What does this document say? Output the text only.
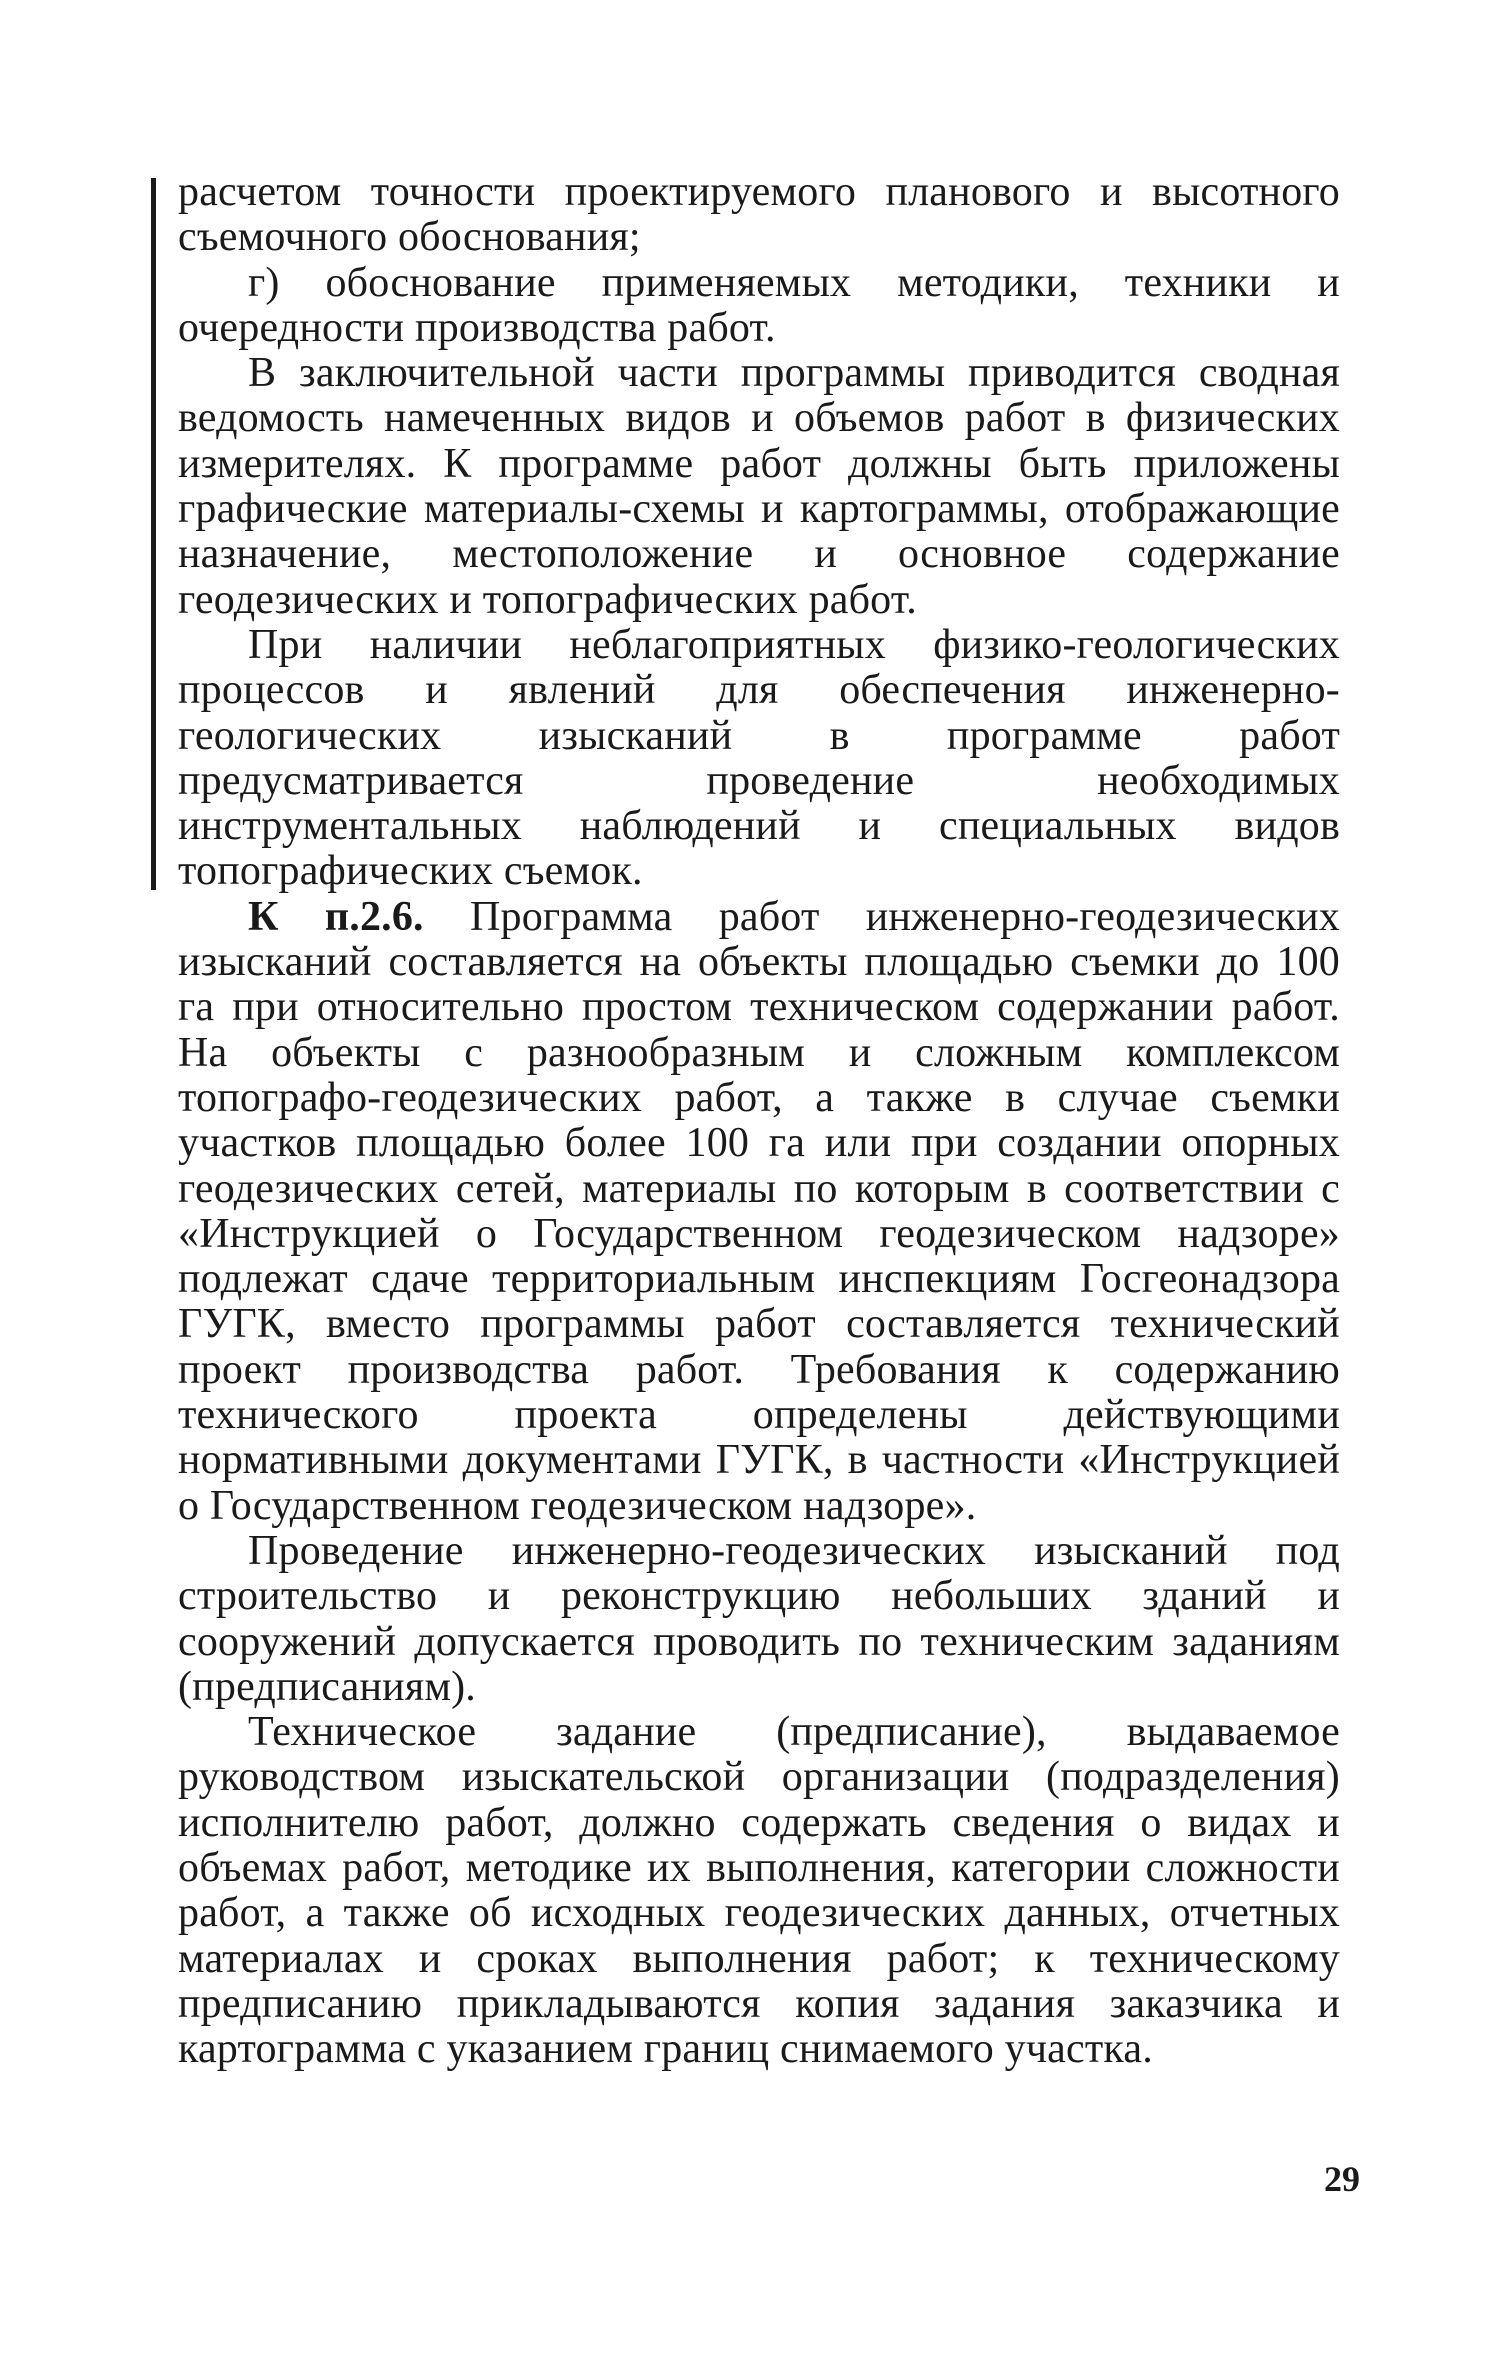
расчетом точности проектируемого планового и высотного съемочного обоснования;

г) обоснование применяемых методики, техники и очередности производства работ.

В заключительной части программы приводится сводная ведомость намеченных видов и объемов работ в физических измерителях. К программе работ должны быть приложены графические материалы-схемы и картограммы, отображающие назначение, местоположение и основное содержание геодезических и топографических работ.

При наличии неблагоприятных физико-геологических процессов и явлений для обеспечения инженерно-геологических изысканий в программе работ предусматривается проведение необходимых инструментальных наблюдений и специальных видов топографических съемок.

К п.2.6. Программа работ инженерно-геодезических изысканий составляется на объекты площадью съемки до 100 га при относительно простом техническом содержании работ. На объекты с разнообразным и сложным комплексом топографо-геодезических работ, а также в случае съемки участков площадью более 100 га или при создании опорных геодезических сетей, материалы по которым в соответствии с «Инструкцией о Государственном геодезическом надзоре» подлежат сдаче территориальным инспекциям Госгеонадзора ГУГК, вместо программы работ составляется технический проект производства работ. Требования к содержанию технического проекта определены действующими нормативными документами ГУГК, в частности «Инструкцией о Государственном геодезическом надзоре».

Проведение инженерно-геодезических изысканий под строительство и реконструкцию небольших зданий и сооружений допускается проводить по техническим заданиям (предписаниям).

Техническое задание (предписание), выдаваемое руководством изыскательской организации (подразделения) исполнителю работ, должно содержать сведения о видах и объемах работ, методике их выполнения, категории сложности работ, а также об исходных геодезических данных, отчетных материалах и сроках выполнения работ; к техническому предписанию прикладываются копия задания заказчика и картограмма с указанием границ снимаемого участка.

29
